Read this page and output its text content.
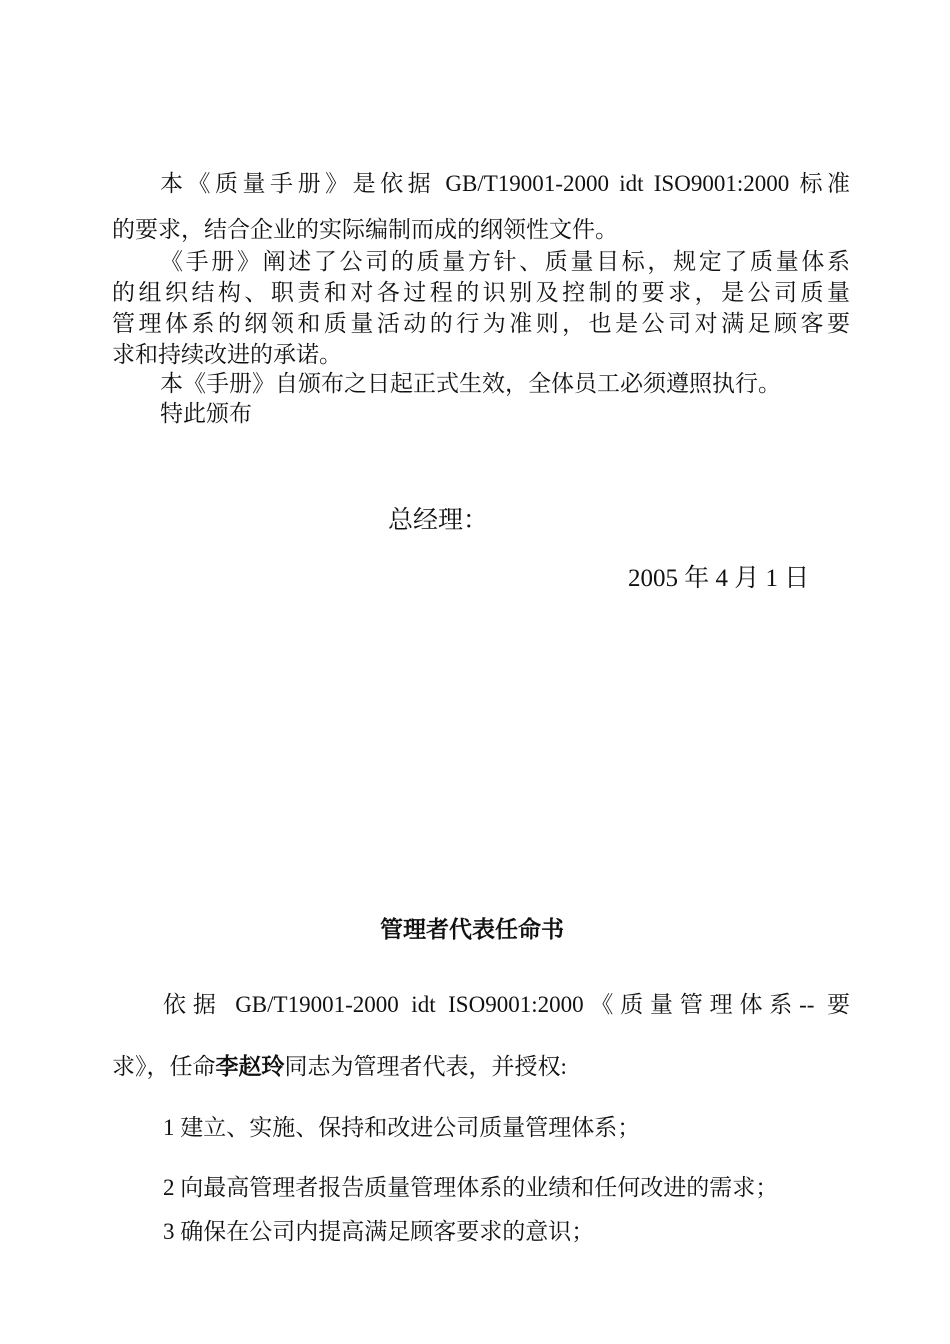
本《质量手册》是依据 GB/T19001-2000 idt ISO9001:2000 标准
的要求，结合企业的实际编制而成的纲领性文件。
《手册》阐述了公司的质量方针、质量目标，规定了质量体系
的组织结构、职责和对各过程的识别及控制的要求，是公司质量
管理体系的纲领和质量活动的行为准则，也是公司对满足顾客要
求和持续改进的承诺。
本《手册》自颁布之日起正式生效，全体员工必须遵照执行。
特此颁布
总经理：
2005 年 4 月 1 日
管理者代表任命书
依据 GB/T19001-2000 idt ISO9001:2000《质量管理体系-- 要
求》，任命李赵玲同志为管理者代表，并授权:
1 建立、实施、保持和改进公司质量管理体系；
2 向最高管理者报告质量管理体系的业绩和任何改进的需求；
3 确保在公司内提高满足顾客要求的意识；
